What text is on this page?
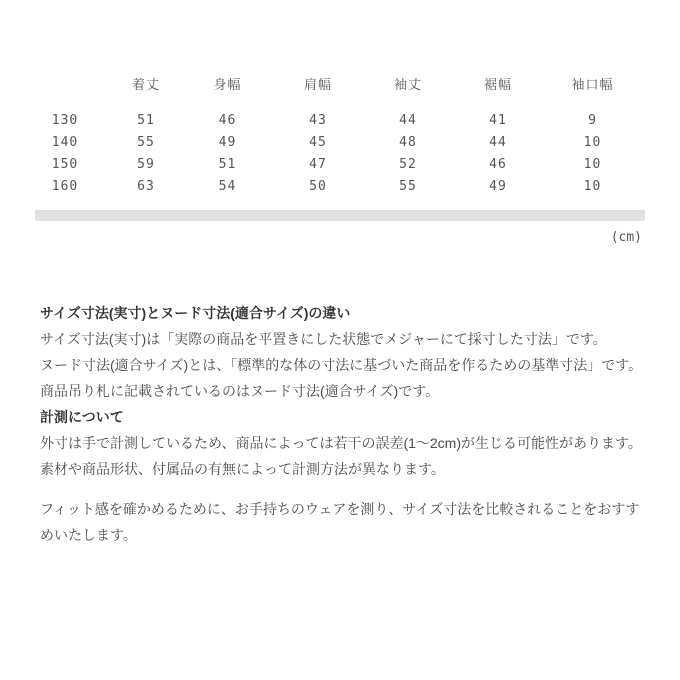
	着丈	身幅	肩幅	袖丈	裾幅	袖口幅
130	51	46	43	44	41	9
140	55	49	45	48	44	10
150	59	51	47	52	46	10
160	63	54	50	55	49	10
(cm)
サイズ寸法(実寸)とヌード寸法(適合サイズ)の違い

サイズ寸法(実寸)は「実際の商品を平置きにした状態でメジャーにて採寸した寸法」です。

ヌード寸法(適合サイズ)とは、「標準的な体の寸法に基づいた商品を作るための基準寸法」です。

商品吊り札に記載されているのはヌード寸法(適合サイズ)です。

計測について

外寸は手で計測しているため、商品によっては若干の誤差(1〜2cm)が生じる可能性があります。

素材や商品形状、付属品の有無によって計測方法が異なります。

フィット感を確かめるために、お手持ちのウェアを測り、サイズ寸法を比較されることをおすすめいたします。
